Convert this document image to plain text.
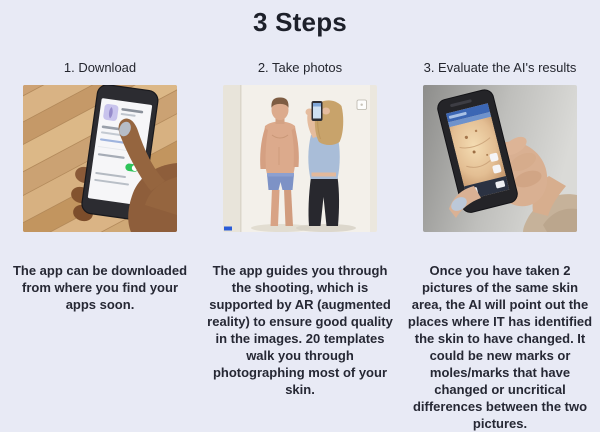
3 Steps
1. Download

The app can be downloaded from where you find your apps soon.

2. Take photos

The app guides you through the shooting, which is supported by AR (augmented reality) to ensure good quality in the images. 20 templates walk you through photographing most of your skin.

3. Evaluate the AI's results

Once you have taken 2 pictures of the same skin area, the AI will point out the places where IT has identified the skin to have changed. It could be new marks or moles/marks that have changed or uncritical differences between the two pictures.
